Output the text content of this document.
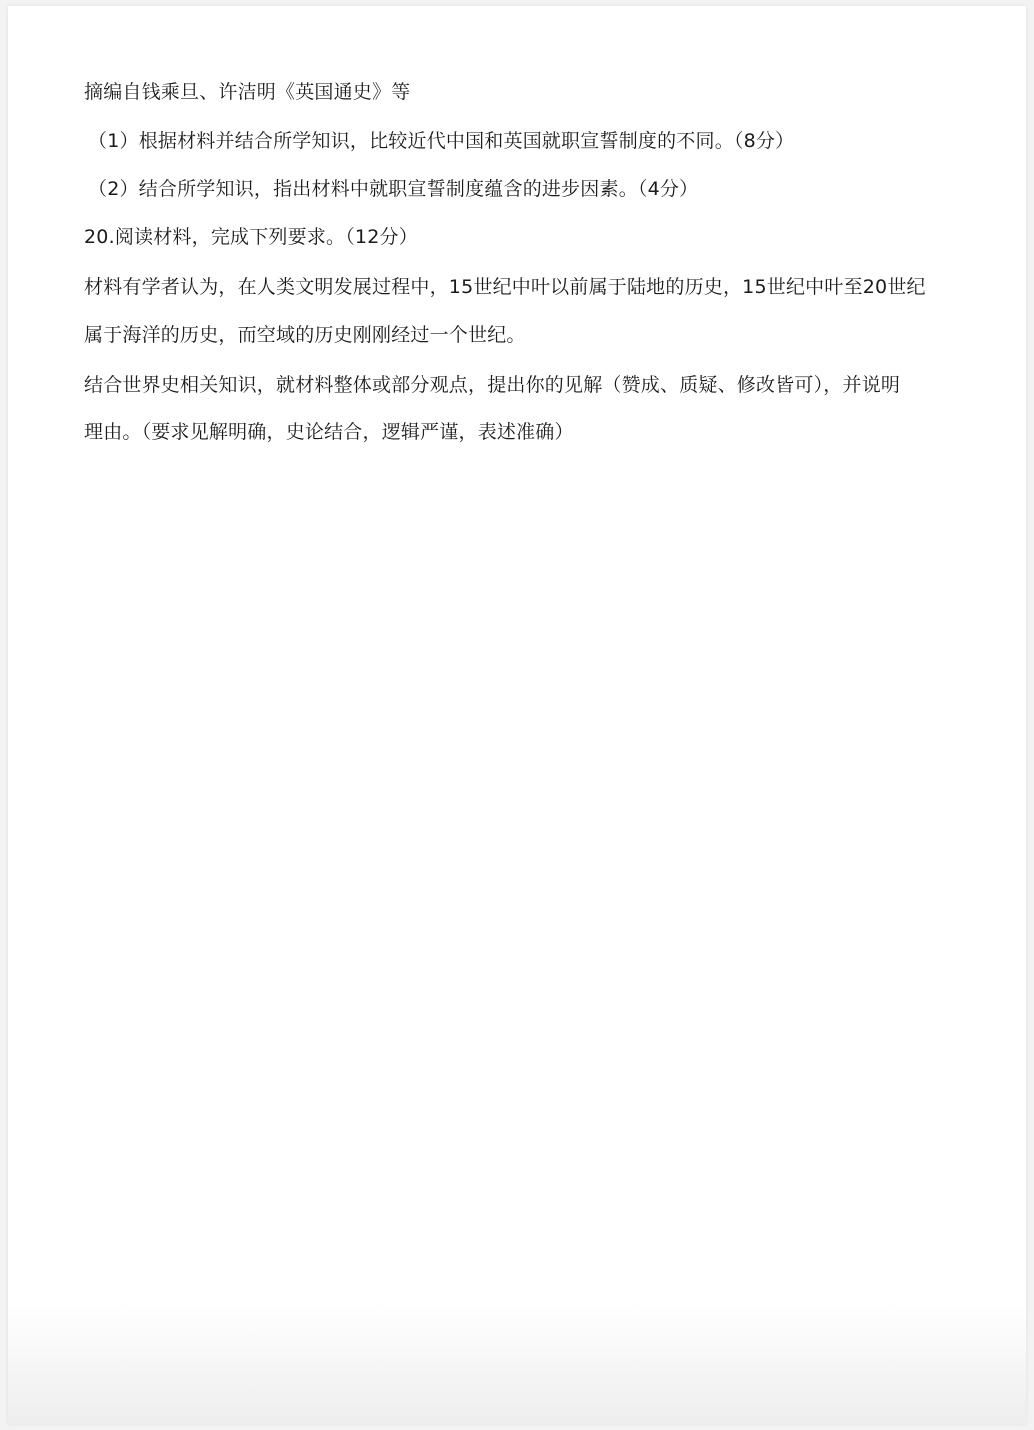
摘编自钱乘旦、许洁明《英国通史》等
（1）根据材料并结合所学知识，比较近代中国和英国就职宣誓制度的不同。（8分）
（2）结合所学知识，指出材料中就职宣誓制度蕴含的进步因素。（4分）
20.阅读材料，完成下列要求。（12分）
材料有学者认为，在人类文明发展过程中，15世纪中叶以前属于陆地的历史，15世纪中叶至20世纪
属于海洋的历史，而空域的历史刚刚经过一个世纪。
结合世界史相关知识，就材料整体或部分观点，提出你的见解（赞成、质疑、修改皆可），并说明
理由。（要求见解明确，史论结合，逻辑严谨，表述准确）
